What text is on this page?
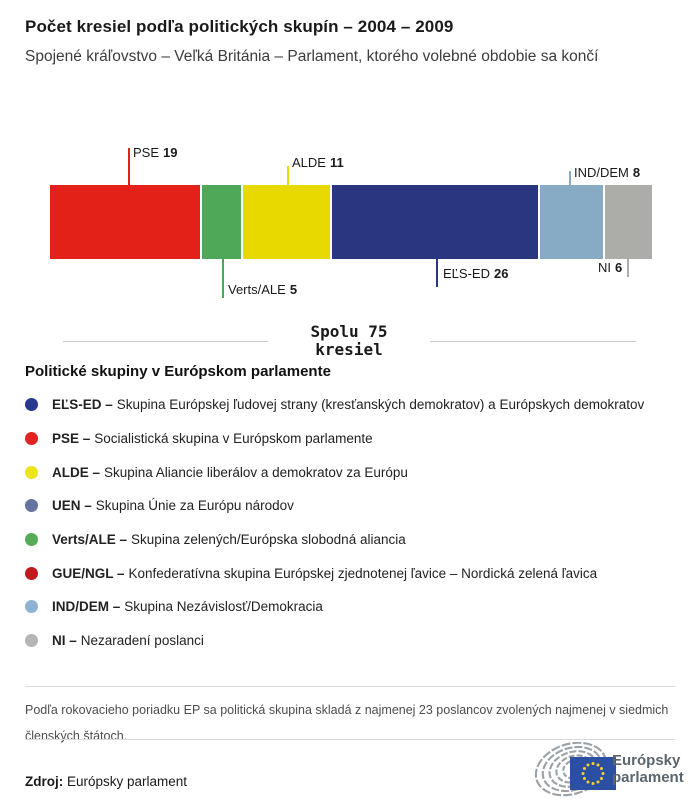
Počet kresiel podľa politických skupín – 2004 – 2009
Spojené kráľovstvo – Veľká Británia – Parlament, ktorého volebné obdobie sa končí
PSE 19
Verts/ALE 5
ALDE 11
EĽS-ED 26
IND/DEM 8
NI 6
Spolu 75
kresiel
Politické skupiny v Európskom parlamente
EĽS-ED – Skupina Európskej ľudovej strany (kresťanských demokratov) a Európskych demokratov
PSE – Socialistická skupina v Európskom parlamente
ALDE – Skupina Aliancie liberálov a demokratov za Európu
UEN – Skupina Únie za Európu národov
Verts/ALE – Skupina zelených/Európska slobodná aliancia
GUE/NGL – Konfederatívna skupina Európskej zjednotenej ľavice – Nordická zelená ľavica
IND/DEM – Skupina Nezávislosť/Demokracia
NI – Nezaradení poslanci
Podľa rokovacieho poriadku EP sa politická skupina skladá z najmenej 23 poslancov zvolených najmenej v siedmich členských štátoch.
Zdroj: Európsky parlament
Európsky
parlament
